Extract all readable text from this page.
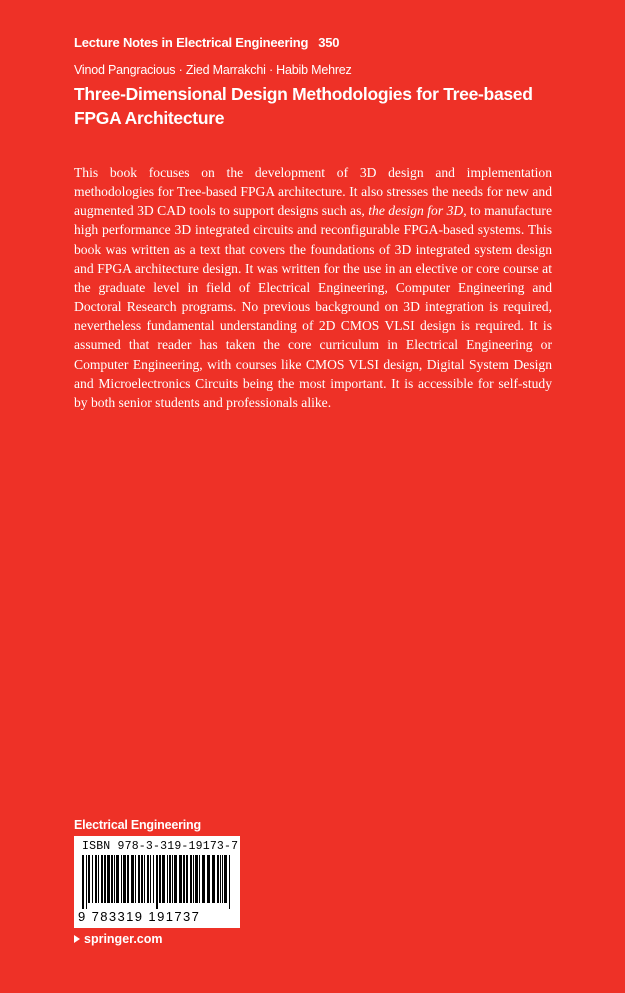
Lecture Notes in Electrical Engineering 350
Vinod Pangracious · Zied Marrakchi · Habib Mehrez
Three-Dimensional Design Methodologies for Tree-based FPGA Architecture
This book focuses on the development of 3D design and implementation methodologies for Tree-based FPGA architecture. It also stresses the needs for new and augmented 3D CAD tools to support designs such as, the design for 3D, to manufacture high performance 3D integrated circuits and reconfigurable FPGA-based systems. This book was written as a text that covers the foundations of 3D integrated system design and FPGA architecture design. It was written for the use in an elective or core course at the graduate level in field of Electrical Engineering, Computer Engineering and Doctoral Research programs. No previous background on 3D integration is required, nevertheless fundamental understanding of 2D CMOS VLSI design is required. It is assumed that reader has taken the core curriculum in Electrical Engineering or Computer Engineering, with courses like CMOS VLSI design, Digital System Design and Microelectronics Circuits being the most important. It is accessible for self-study by both senior students and professionals alike.
Electrical Engineering
ISBN 978-3-319-19173-7
9 783319 191737
springer.com
